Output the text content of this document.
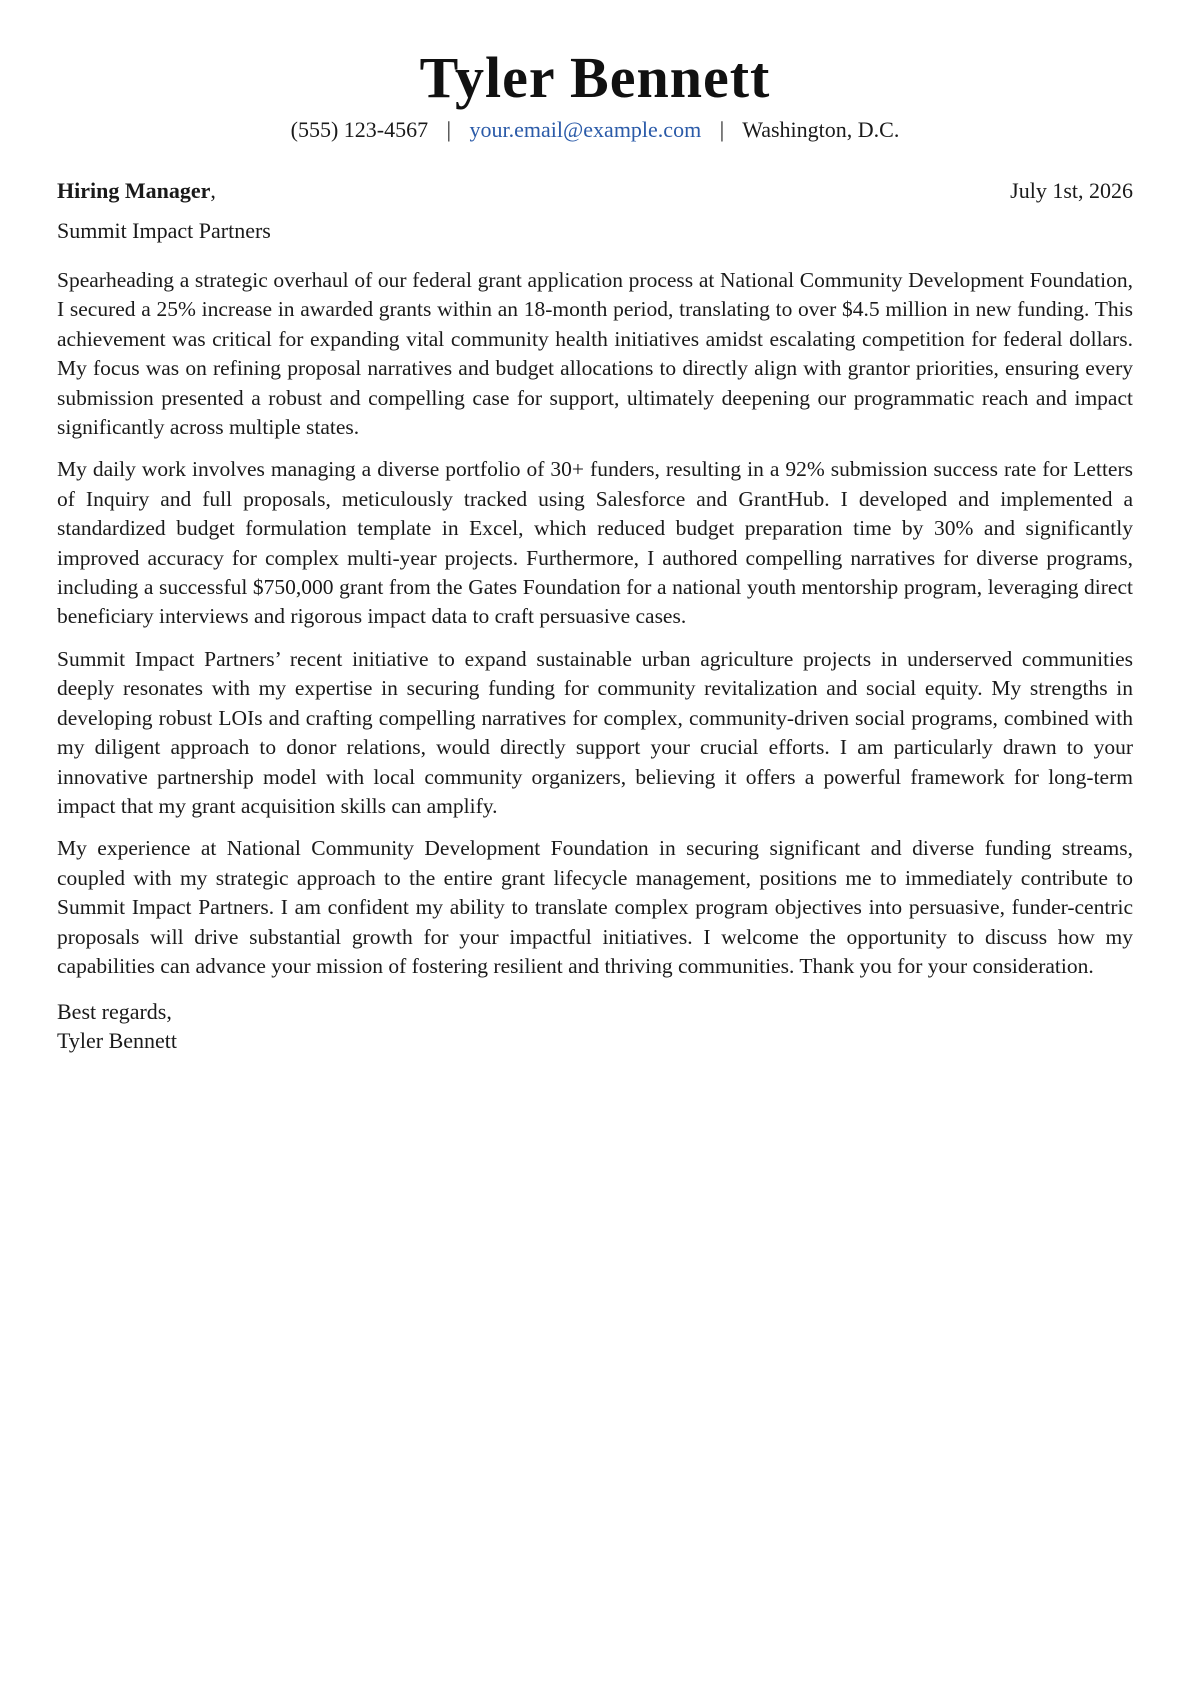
Tyler Bennett
(555) 123-4567 | your.email@example.com | Washington, D.C.
Hiring Manager,	July 1st, 2026
Summit Impact Partners

Spearheading a strategic overhaul of our federal grant application process at National Community Development Foundation, I secured a 25% increase in awarded grants within an 18-month period, translating to over $4.5 million in new funding. This achievement was critical for expanding vital community health initiatives amidst escalating competition for federal dollars. My focus was on refining proposal narratives and budget allocations to directly align with grantor priorities, ensuring every submission presented a robust and compelling case for support, ultimately deepening our programmatic reach and impact significantly across multiple states.

My daily work involves managing a diverse portfolio of 30+ funders, resulting in a 92% submission success rate for Letters of Inquiry and full proposals, meticulously tracked using Salesforce and GrantHub. I developed and implemented a standardized budget formulation template in Excel, which reduced budget preparation time by 30% and significantly improved accuracy for complex multi-year projects. Furthermore, I authored compelling narratives for diverse programs, including a successful $750,000 grant from the Gates Foundation for a national youth mentorship program, leveraging direct beneficiary interviews and rigorous impact data to craft persuasive cases.

Summit Impact Partners’ recent initiative to expand sustainable urban agriculture projects in underserved communities deeply resonates with my expertise in securing funding for community revitalization and social equity. My strengths in developing robust LOIs and crafting compelling narratives for complex, community-driven social programs, combined with my diligent approach to donor relations, would directly support your crucial efforts. I am particularly drawn to your innovative partnership model with local community organizers, believing it offers a powerful framework for long-term impact that my grant acquisition skills can amplify.

My experience at National Community Development Foundation in securing significant and diverse funding streams, coupled with my strategic approach to the entire grant lifecycle management, positions me to immediately contribute to Summit Impact Partners. I am confident my ability to translate complex program objectives into persuasive, funder-centric proposals will drive substantial growth for your impactful initiatives. I welcome the opportunity to discuss how my capabilities can advance your mission of fostering resilient and thriving communities. Thank you for your consideration.

Best regards,
Tyler Bennett
